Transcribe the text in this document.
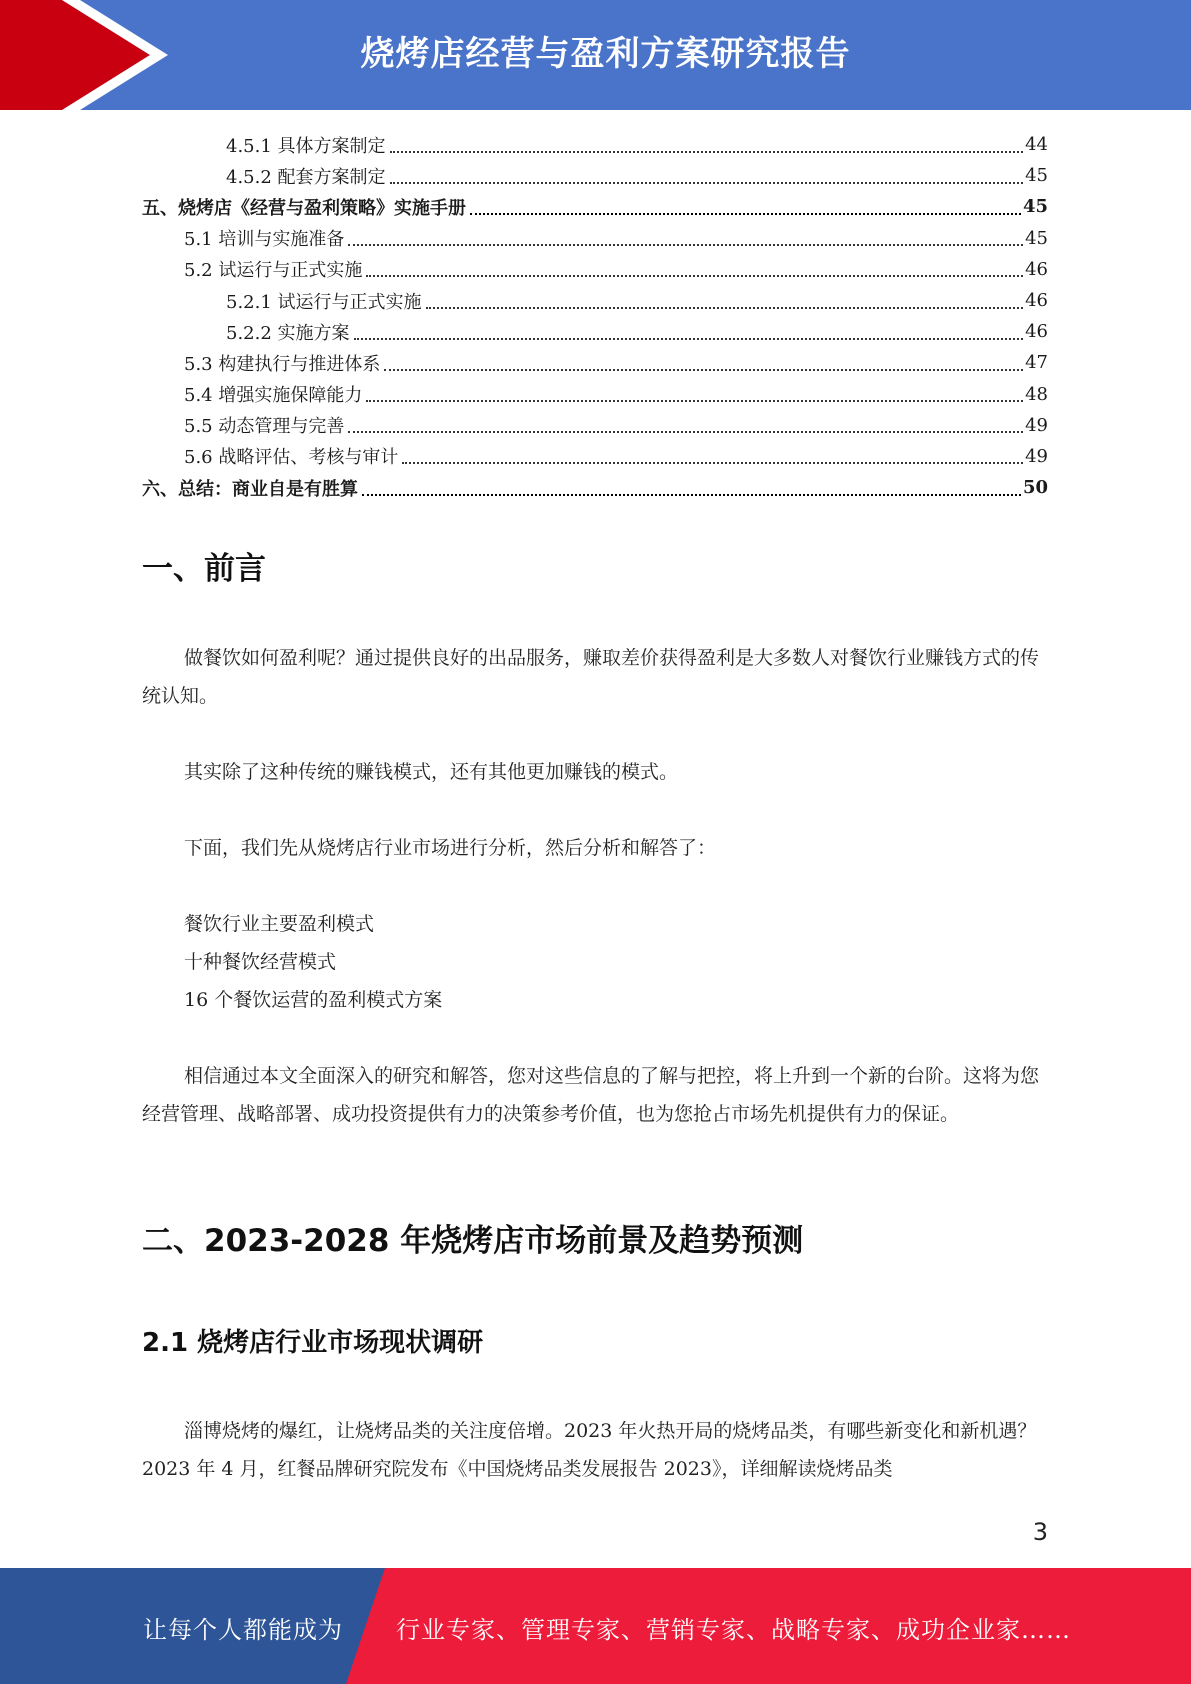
烧烤店经营与盈利方案研究报告
4.5.1 具体方案制定	44
4.5.2 配套方案制定	45
五、烧烤店《经营与盈利策略》实施手册	45
5.1 培训与实施准备	45
5.2 试运行与正式实施	46
5.2.1 试运行与正式实施	46
5.2.2 实施方案	46
5.3 构建执行与推进体系	47
5.4 增强实施保障能力	48
5.5 动态管理与完善	49
5.6 战略评估、考核与审计	49
六、总结：商业自是有胜算	50
一、前言

做餐饮如何盈利呢？通过提供良好的出品服务，赚取差价获得盈利是大多数人对餐饮行业赚钱方式的传统认知。

其实除了这种传统的赚钱模式，还有其他更加赚钱的模式。

下面，我们先从烧烤店行业市场进行分析，然后分析和解答了：

餐饮行业主要盈利模式
十种餐饮经营模式
16 个餐饮运营的盈利模式方案

相信通过本文全面深入的研究和解答，您对这些信息的了解与把控，将上升到一个新的台阶。这将为您经营管理、战略部署、成功投资提供有力的决策参考价值，也为您抢占市场先机提供有力的保证。

二、2023-2028 年烧烤店市场前景及趋势预测
2.1 烧烤店行业市场现状调研

淄博烧烤的爆红，让烧烤品类的关注度倍增。2023 年火热开局的烧烤品类，有哪些新变化和新机遇？2023 年 4 月，红餐品牌研究院发布《中国烧烤品类发展报告 2023》，详细解读烧烤品类

3
让每个人都能成为 行业专家、管理专家、营销专家、战略专家、成功企业家……
